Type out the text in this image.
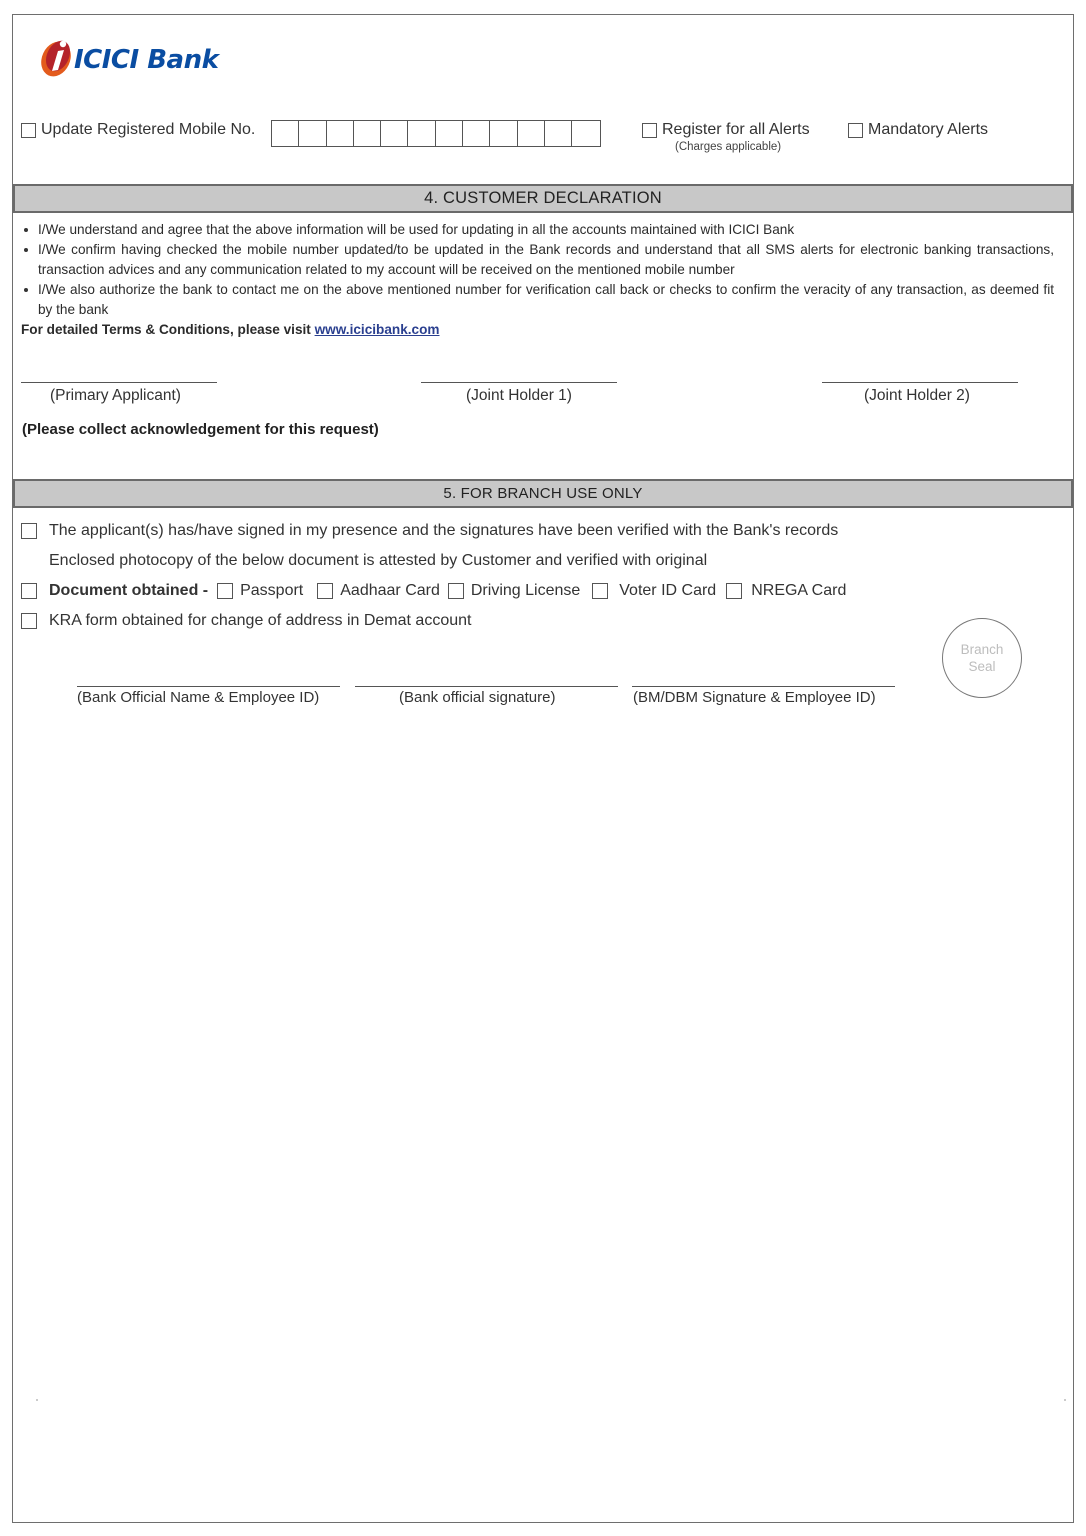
ICICI Bank
Update Registered Mobile No.	Register for all Alerts
(Charges applicable)
Mandatory Alerts
4. CUSTOMER DECLARATION
I/We understand and agree that the above information will be used for updating in all the accounts maintained with ICICI Bank
I/We confirm having checked the mobile number updated/to be updated in the Bank records and understand that all SMS alerts for electronic banking transactions, transaction advices and any communication related to my account will be received on the mentioned mobile number
I/We also authorize the bank to contact me on the above mentioned number for verification call back or checks to confirm the veracity of any transaction, as deemed fit by the bank
For detailed Terms & Conditions, please visit www.icicibank.com
(Primary Applicant)	(Joint Holder 1)	(Joint Holder 2)
(Please collect acknowledgement for this request)
5. FOR BRANCH USE ONLY
The applicant(s) has/have signed in my presence and the signatures have been verified with the Bank's records
Enclosed photocopy of the below document is attested by Customer and verified with original
Document obtained - Passport Aadhaar Card Driving License Voter ID Card NREGA Card
KRA form obtained for change of address in Demat account
(Bank Official Name & Employee ID)	(Bank official signature)	(BM/DBM Signature & Employee ID)
Branch
Seal
